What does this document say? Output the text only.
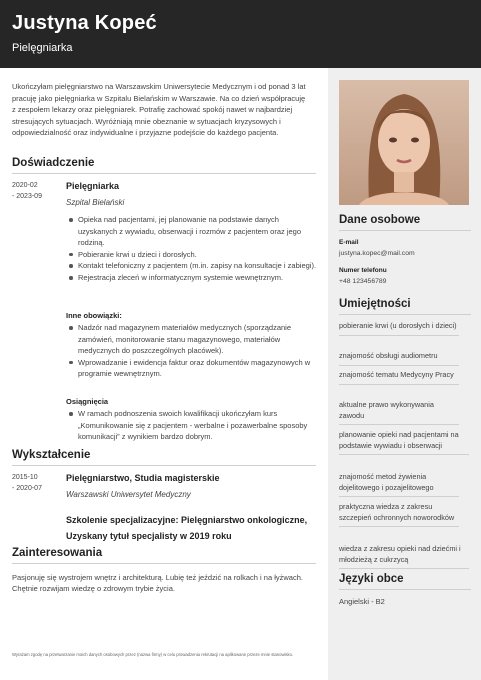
Justyna Kopeć
Pielęgniarka

Ukończyłam pielęgniarstwo na Warszawskim Uniwersytecie Medycznym i od ponad 3 lat pracuję jako pielęgniarka w Szpitalu Bielańskim w Warszawie. Na co dzień współpracuję z zespołem lekarzy oraz pielęgniarek. Potrafię zachować spokój nawet w najbardziej stresujących sytuacjach. Wyróżniają mnie obeznanie w sytuacjach kryzysowych i odpowiedzialność oraz indywidualne i przyjazne podejście do każdego pacjenta.

Doświadczenie
2020-02
- 2023-09
Pielęgniarka
Szpital Bielański
Opieka nad pacjentami, jej planowanie na podstawie danych uzyskanych z wywiadu, obserwacji i rozmów z pacjentem oraz jego rodziną.
Pobieranie krwi u dzieci i dorosłych.
Kontakt telefoniczny z pacjentem (m.in. zapisy na konsultacje i zabiegi).
Rejestracja zleceń w informatycznym systemie wewnętrznym.
Inne obowiązki:
Nadzór nad magazynem materiałów medycznych (sporządzanie zamówień, monitorowanie stanu magazynowego, materiałów medycznych do poszczególnych placówek).
Wprowadzanie i ewidencja faktur oraz dokumentów magazynowych w programie wewnętrznym.
Osiągnięcia
W ramach podnoszenia swoich kwalifikacji ukończyłam kurs „Komunikowanie się z pacjentem - werbalne i pozawerbalne sposoby komunikacji” z wynikiem bardzo dobrym.
Wykształcenie
2015-10
- 2020-07
Pielęgniarstwo, Studia magisterskie
Warszawski Uniwersytet Medyczny
Szkolenie specjalizacyjne: Pielęgniarstwo onkologiczne, Uzyskany tytuł specjalisty w 2019 roku
Zainteresowania
Pasjonuję się wystrojem wnętrz i architekturą. Lubię też jeździć na rolkach i na łyżwach. Chętnie rozwijam wiedzę o zdrowym trybie życia.
Wyrażam zgodę na przetwarzanie moich danych osobowych przez (nazwa firmy) w celu prowadzenia rekrutacji na aplikowane przeze mnie stanowisko.
Dane osobowe
E-mail
justyna.kopec@mail.com
Numer telefonu
+48 123456789
Umiejętności
pobieranie krwi (u dorosłych i dzieci)
znajomość obsługi audiometru
znajomość tematu Medycyny Pracy
aktualne prawo wykonywania zawodu
planowanie opieki nad pacjentami na podstawie wywiadu i obserwacji
znajomość metod żywienia dojelitowego i pozajelitowego
praktyczna wiedza z zakresu szczepień ochronnych noworodków
wiedza z zakresu opieki nad dziećmi i młodzieżą z cukrzycą
Języki obce
Angielski - B2
